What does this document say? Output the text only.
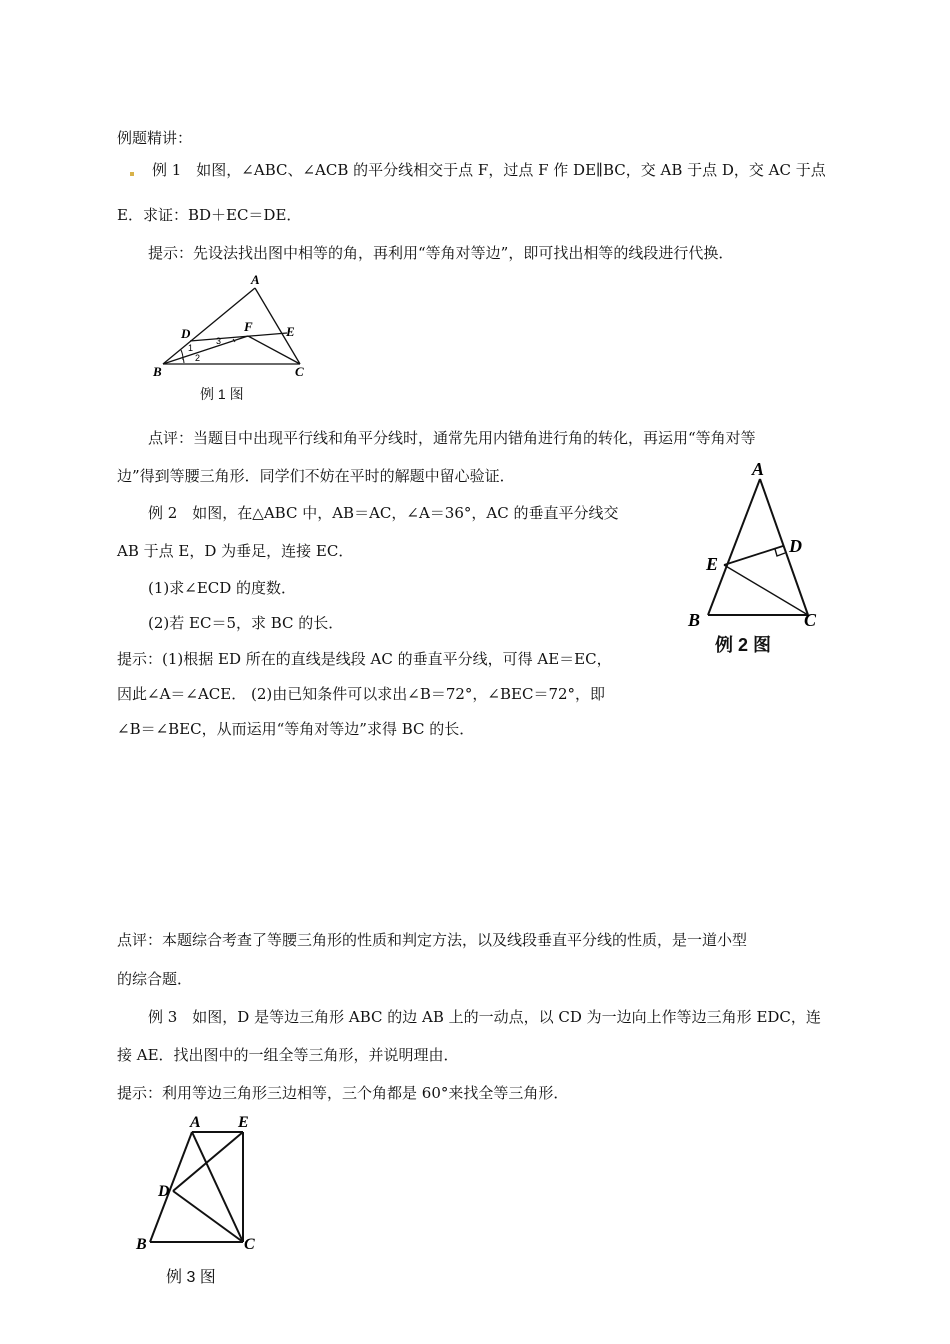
例题精讲：
例 1　如图，∠ABC、∠ACB 的平分线相交于点 F，过点 F 作 DE∥BC，交 AB 于点 D，交 AC 于点
E．求证：BD＋EC＝DE．
提示：先设法找出图中相等的角，再利用“等角对等边”，即可找出相等的线段进行代换．
A
D	F	E
B	C
1
2
3
例 1 图
点评：当题目中出现平行线和角平分线时，通常先用内错角进行角的转化，再运用“等角对等
边”得到等腰三角形．同学们不妨在平时的解题中留心验证．
例 2　如图，在△ABC 中，AB＝AC，∠A＝36°，AC 的垂直平分线交
AB 于点 E，D 为垂足，连接 EC．
(1)求∠ECD 的度数．
(2)若 EC＝5，求 BC 的长．
提示：(1)根据 ED 所在的直线是线段 AC 的垂直平分线，可得 AE＝EC，
因此∠A＝∠ACE． (2)由已知条件可以求出∠B＝72°，∠BEC＝72°，即
∠B＝∠BEC，从而运用“等角对等边”求得 BC 的长．
A
D
E
B	C
例 2 图
点评：本题综合考查了等腰三角形的性质和判定方法，以及线段垂直平分线的性质，是一道小型
的综合题．
例 3　如图，D 是等边三角形 ABC 的边 AB 上的一动点，以 CD 为一边向上作等边三角形 EDC，连
接 AE．找出图中的一组全等三角形，并说明理由．
提示：利用等边三角形三边相等，三个角都是 60°来找全等三角形．
A E
D
B	C
例 3 图
